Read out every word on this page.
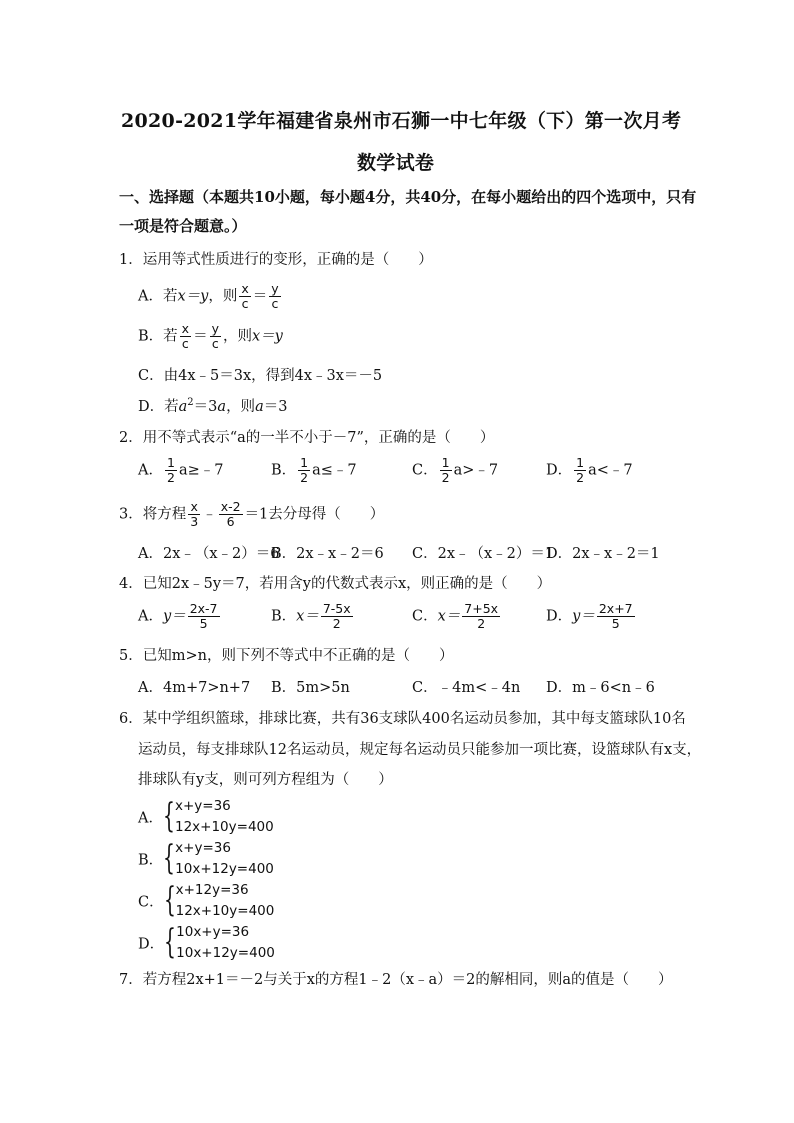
2020-2021学年福建省泉州市石狮一中七年级（下）第一次月考
数学试卷
一、选择题（本题共10小题，每小题4分，共40分，在每小题给出的四个选项中，只有
一项是符合题意。）
1．运用等式性质进行的变形，正确的是（　　）
A．若x＝y，则 $\frac{x}{c} = \frac{y}{c}$
B．若 $\frac{x}{c} = \frac{y}{c}$ ，则x＝y
C．由4x﹣5＝3x，得到4x﹣3x＝－5
D．若$a^2=3a$，则a＝3
2．用不等式表示“a的一半不小于－7”，正确的是（　　）
A． $\frac{1}{2}$ a≥﹣7	B． $\frac{1}{2}$ a≤﹣7	C． $\frac{1}{2}$ a>﹣7	D． $\frac{1}{2}$ a<﹣7
3．将方程 $\frac{x}{3}$ ﹣ $\frac{x-2}{6} =1$去分母得（　　）
A．2x﹣（x﹣2）＝6
B．2x﹣x﹣2＝6 C．2x﹣（x﹣2）＝1
D．2x﹣x﹣2＝1
4．已知2x﹣5y＝7，若用含y的代数式表示x，则正确的是（　　）
A．$y= \frac{2x-7}{5}$	B．$x= \frac{7-5x}{2}$	C．$x= \frac{7+5x}{2}$	D．$y= \frac{2x+7}{5}$
5．已知m>n，则下列不等式中不正确的是（　　）
A．4m+7>n+7 B．5m>5n	C．﹣4m<﹣4n D．m﹣6<n﹣6
6．某中学组织篮球，排球比赛，共有36支球队400名运动员参加，其中每支篮球队10名
运动员，每支排球队12名运动员，规定每名运动员只能参加一项比赛，设篮球队有x支，
排球队有y支，则可列方程组为（　　）
A． { x+y=36
12x+10y=400
B． { x+y=36
10x+12y=400
C． { x+12y=36
12x+10y=400
D． { 10x+y=36
10x+12y=400
7．若方程2x+1＝－2与关于x的方程1﹣2（x﹣a）＝2的解相同，则a的值是（　　）
